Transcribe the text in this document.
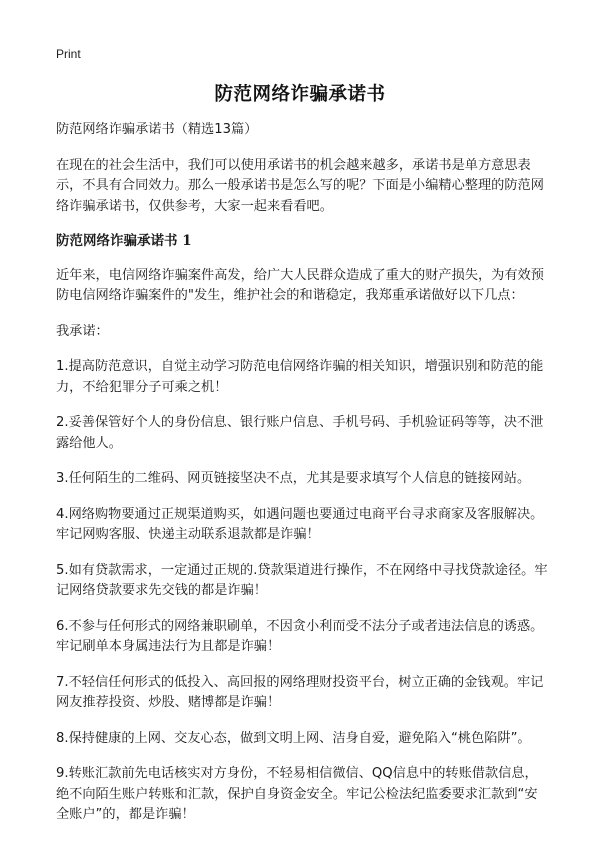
Print
防范网络诈骗承诺书

防范网络诈骗承诺书（精选13篇）

在现在的社会生活中，我们可以使用承诺书的机会越来越多，承诺书是单方意思表示，不具有合同效力。那么一般承诺书是怎么写的呢？下面是小编精心整理的防范网络诈骗承诺书，仅供参考，大家一起来看看吧。

防范网络诈骗承诺书 1

近年来，电信网络诈骗案件高发，给广大人民群众造成了重大的财产损失，为有效预防电信网络诈骗案件的"发生，维护社会的和谐稳定，我郑重承诺做好以下几点：

我承诺：

1.提高防范意识，自觉主动学习防范电信网络诈骗的相关知识，增强识别和防范的能力，不给犯罪分子可乘之机！
2.妥善保管好个人的身份信息、银行账户信息、手机号码、手机验证码等等，决不泄露给他人。
3.任何陌生的二维码、网页链接坚决不点，尤其是要求填写个人信息的链接网站。
4.网络购物要通过正规渠道购买，如遇问题也要通过电商平台寻求商家及客服解决。牢记网购客服、快递主动联系退款都是诈骗！
5.如有贷款需求，一定通过正规的.贷款渠道进行操作，不在网络中寻找贷款途径。牢记网络贷款要求先交钱的都是诈骗！
6.不参与任何形式的网络兼职刷单，不因贪小利而受不法分子或者违法信息的诱惑。牢记刷单本身属违法行为且都是诈骗！
7.不轻信任何形式的低投入、高回报的网络理财投资平台，树立正确的金钱观。牢记网友推荐投资、炒股、赌博都是诈骗！
8.保持健康的上网、交友心态，做到文明上网、洁身自爱，避免陷入“桃色陷阱”。
9.转账汇款前先电话核实对方身份，不轻易相信微信、QQ信息中的转账借款信息，绝不向陌生账户转账和汇款，保护自身资金安全。牢记公检法纪监委要求汇款到“安全账户”的，都是诈骗！
